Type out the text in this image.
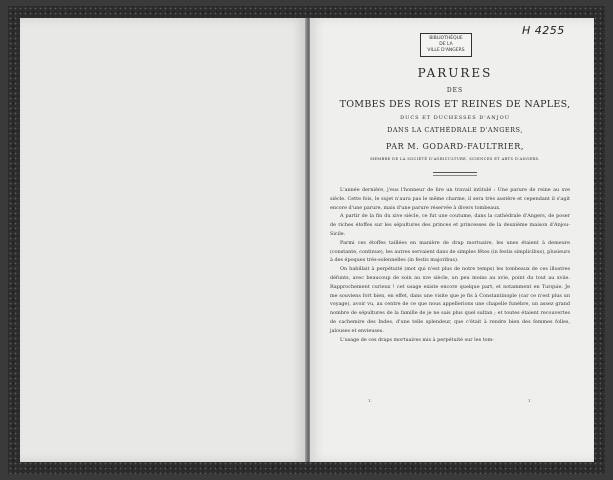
H 4255
BIBLIOTHÈQUE
DE LA
VILLE D'ANGERS
PARURES
DES
TOMBES DES ROIS ET REINES DE NAPLES,
DUCS ET DUCHESSES D'ANJOU
DANS LA CATHÉDRALE D'ANGERS,
PAR M. GODARD-FAULTRIER,
MEMBRE DE LA SOCIÉTÉ D'AGRICULTURE, SCIENCES ET ARTS D'ANGERS.

L'année dernière, j'eus l'honneur de lire un travail intitulé : Une parure de reine au xve siècle. Cette fois, le sujet n'aura pas le même charme, il sera très austère et cependant il s'agit encore d'une parure, mais d'une parure réservée à divers tombeaux.

A partir de la fin du xive siècle, ce fut une coutume, dans la cathédrale d'Angers, de poser de riches étoffes sur les sépultures des princes et princesses de la deuxième maison d'Anjou-Sicile.

Parmi ces étoffes taillées en manière de drap mortuaire, les unes étaient à demeure (constante, continue), les autres servaient dans de simples fêtes (in festis simplicibus), plusieurs à des époques très-solennelles (in festis majoribus).

On habillait à perpétuité (mot qui n'est plus de notre temps) les tombeaux de ces illustres défunts, avec beaucoup de soin au xve siècle, un peu moins au xvie, point du tout au xviie. Rapprochement curieux ! cet usage existe encore quelque part, et notamment en Turquie. Je me souviens fort bien, en effet, dans une visite que je fis à Constantinople (car ce n'est plus un voyage), avoir vu, au centre de ce que nous appellerions une chapelle funèbre, un assez grand nombre de sépultures de la famille de je ne sais plus quel sultan ; et toutes étaient recouvertes de cachemire des Indes, d'une telle splendeur, que c'était à rendre bien des femmes folles, jalouses et envieuses.

L'usage de ces draps mortuaires mis à perpétuité sur les tom-

1.	1
